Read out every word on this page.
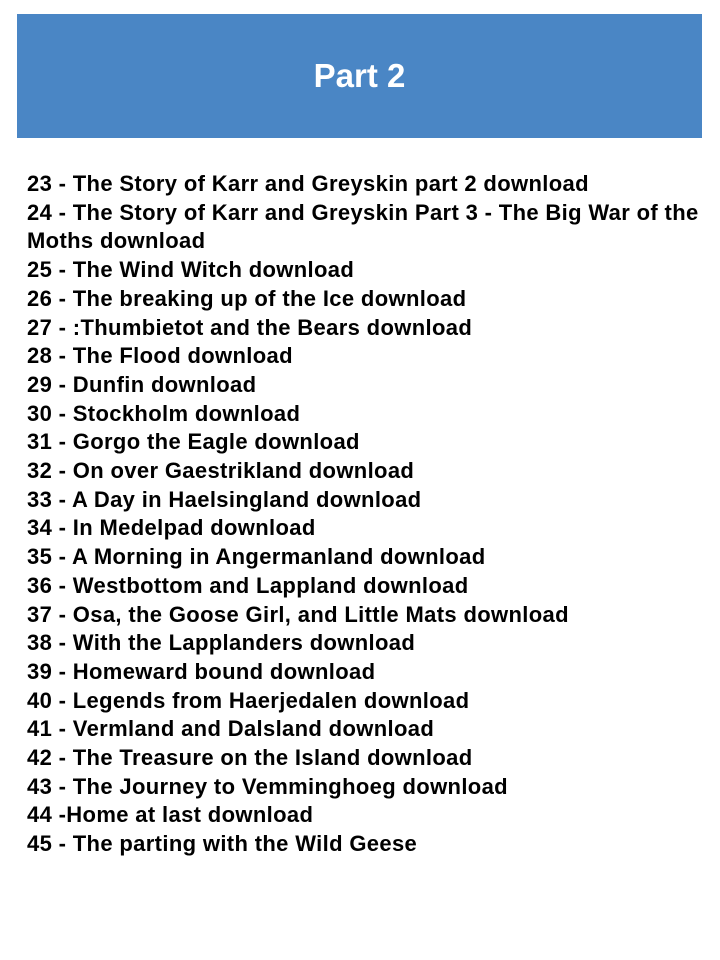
Part 2
23 - The Story of Karr and Greyskin part 2 download
24 - The Story of Karr and Greyskin Part 3 - The Big War of the Moths download
25 - The Wind Witch download
26 - The breaking up of the Ice download
27 - :Thumbietot and the Bears download
28 - The Flood download
29 - Dunfin download
30 - Stockholm download
31 - Gorgo the Eagle download
32 - On over Gaestrikland download
33 - A Day in Haelsingland download
34 - In Medelpad download
35 - A Morning in Angermanland download
36 - Westbottom and Lappland download
37 - Osa, the Goose Girl, and Little Mats download
38 - With the Lapplanders download
39 - Homeward bound download
40 - Legends from Haerjedalen download
41 - Vermland and Dalsland download
42 - The Treasure on the Island download
43 - The Journey to Vemminghoeg download
44 -Home at last download
45 - The parting with the Wild Geese
